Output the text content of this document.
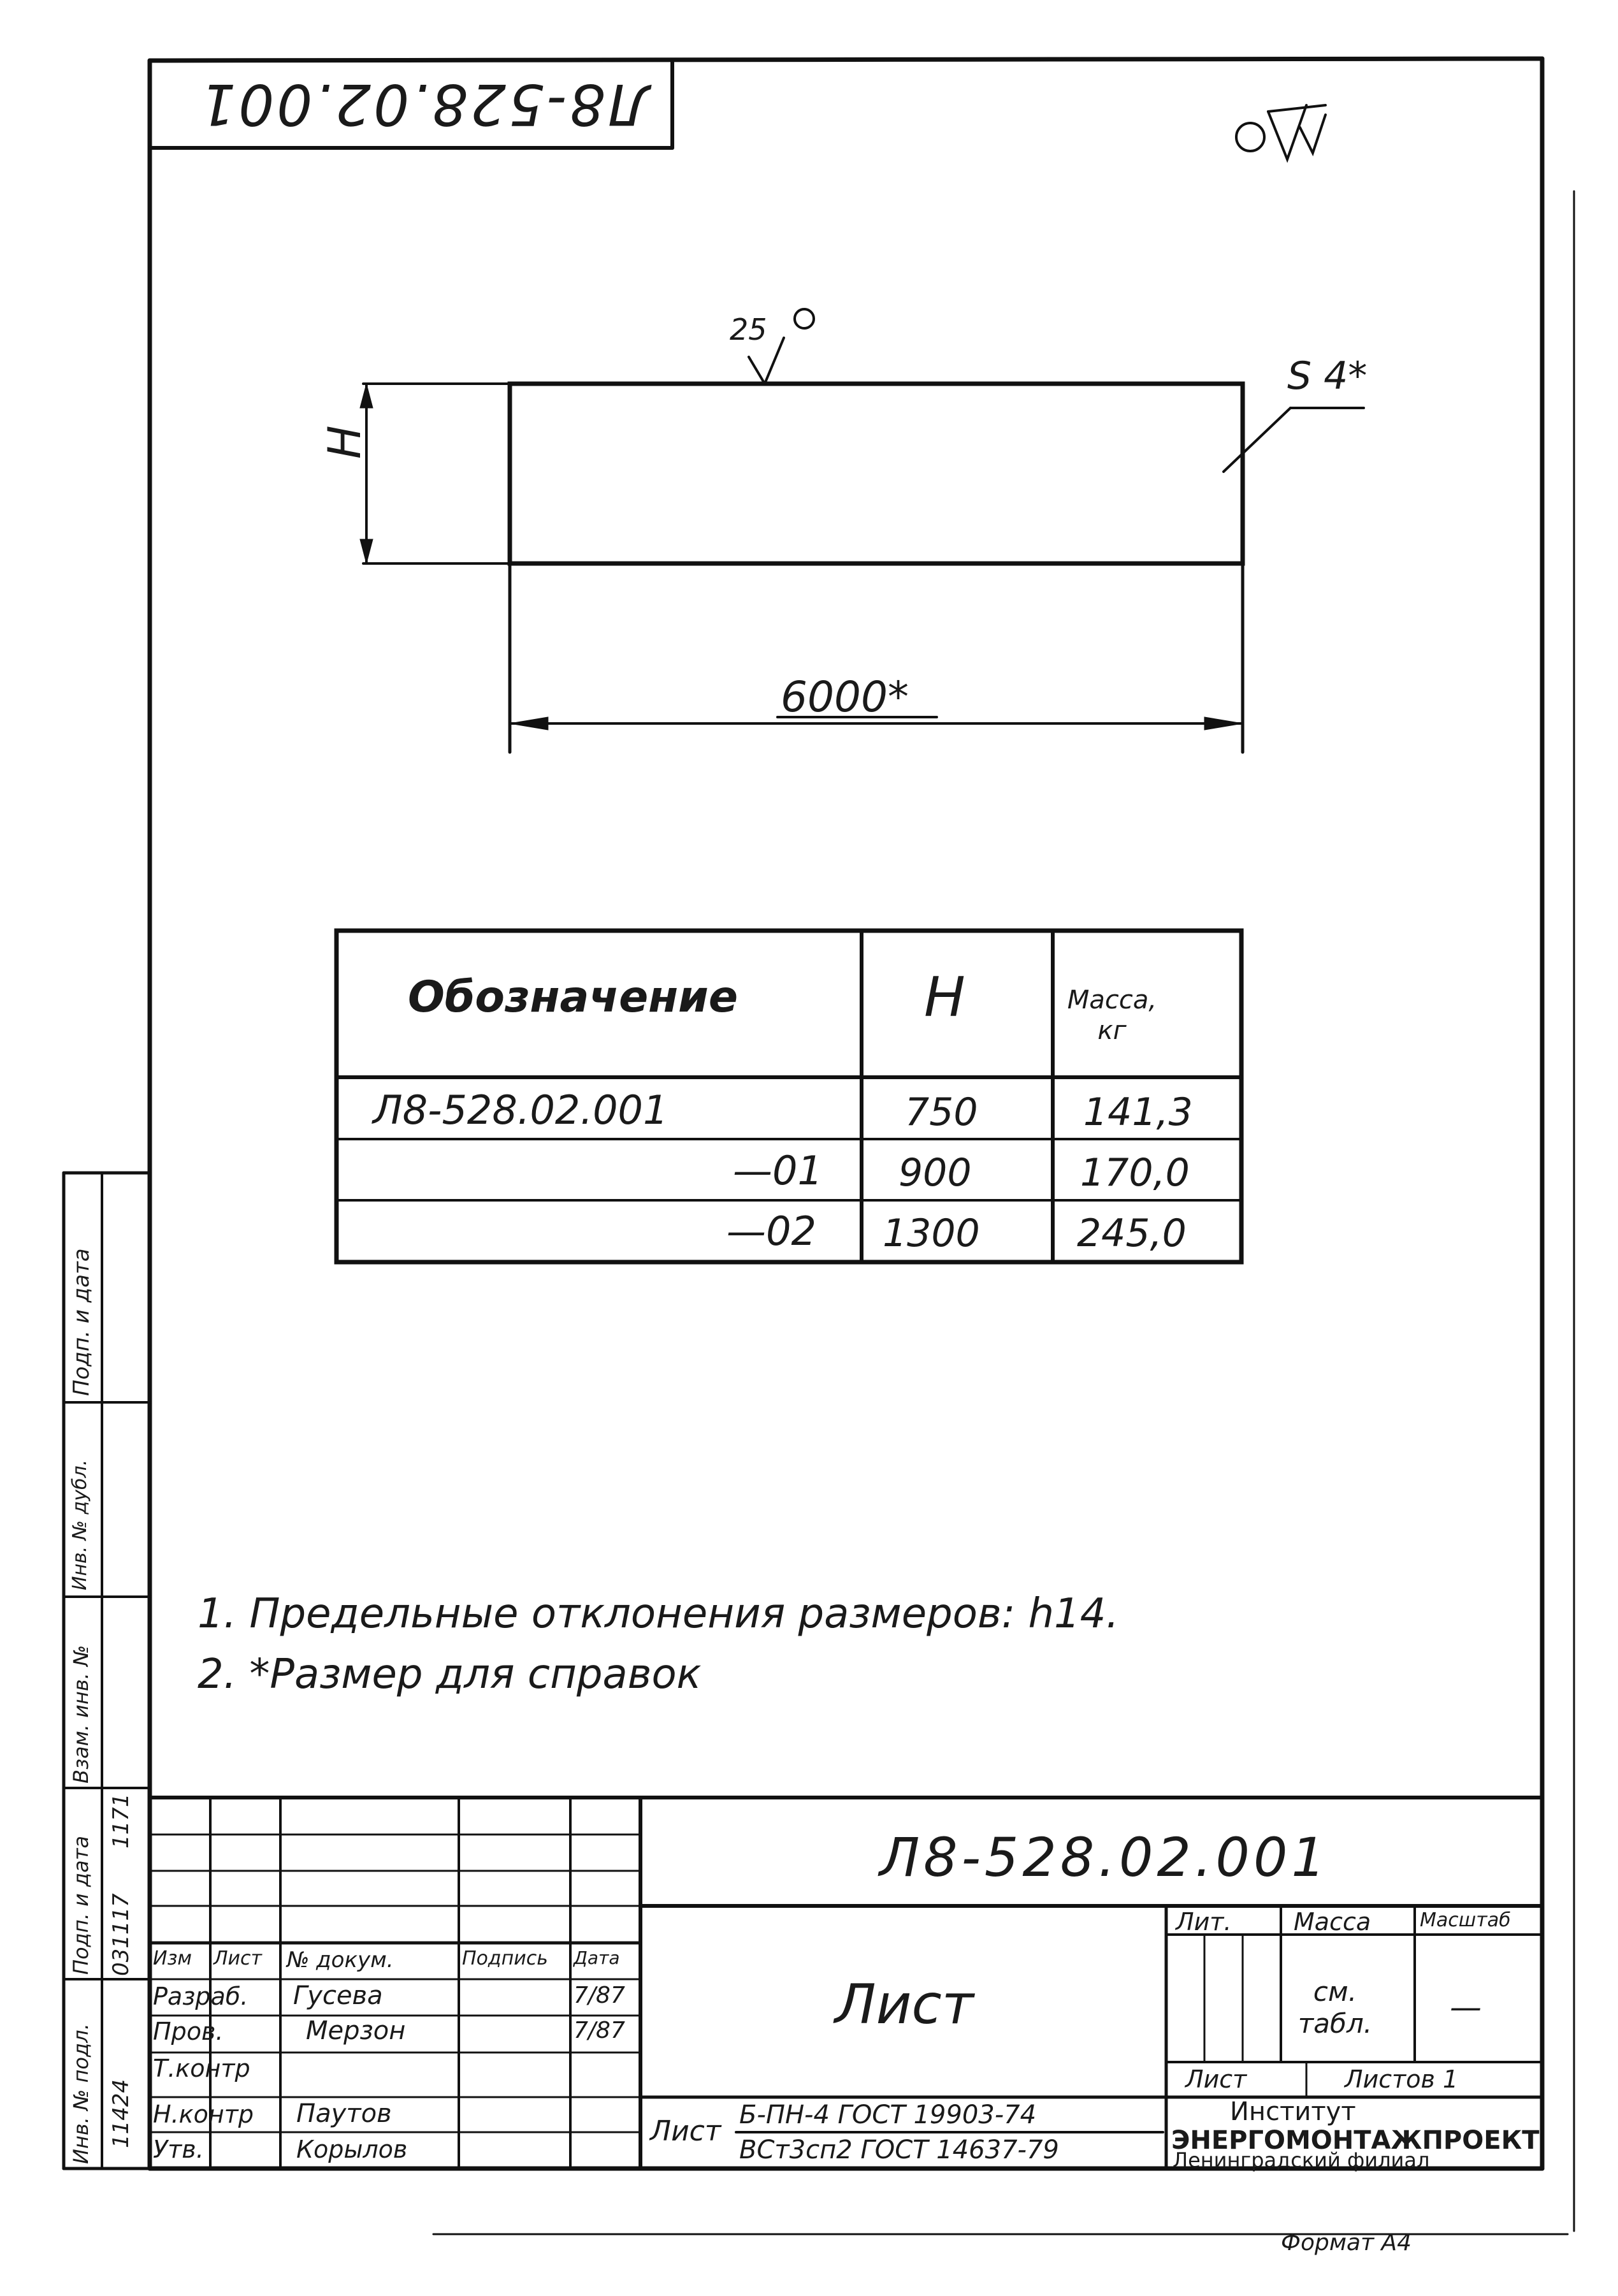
Л8-528.02.001
25
S 4*
H
6000*
Обозначение	H	Масса, кг
Л8-528.02.001	750	141,3
—01 900	170,0
—02 1300	245,0
1. Предельные отклонения размеров: h14.
2. *Размер для справок
Подп. и дата
Инв. № дубл.
Взам. инв. №
Подп. и дата
Инв. № подл.
1171
031117
11424
Л8-528.02.001
Лист
Изм Лист № докум.	Подпись Дата
Разраб. Гусева	7/87
Пров.	Мерзон	7/87
Т.контр
Н.контр Паутов
Утв.	Корылов
Лит.	Масса	Масштаб
см. табл. —
Лист	Листов 1
Лист Б-ПН-4 ГОСТ 19903-74
ВСт3сп2 ГОСТ 14637-79
Институт
ЭНЕРГОМОНТАЖПРОЕКТ
Ленинградский филиал
Формат А4
